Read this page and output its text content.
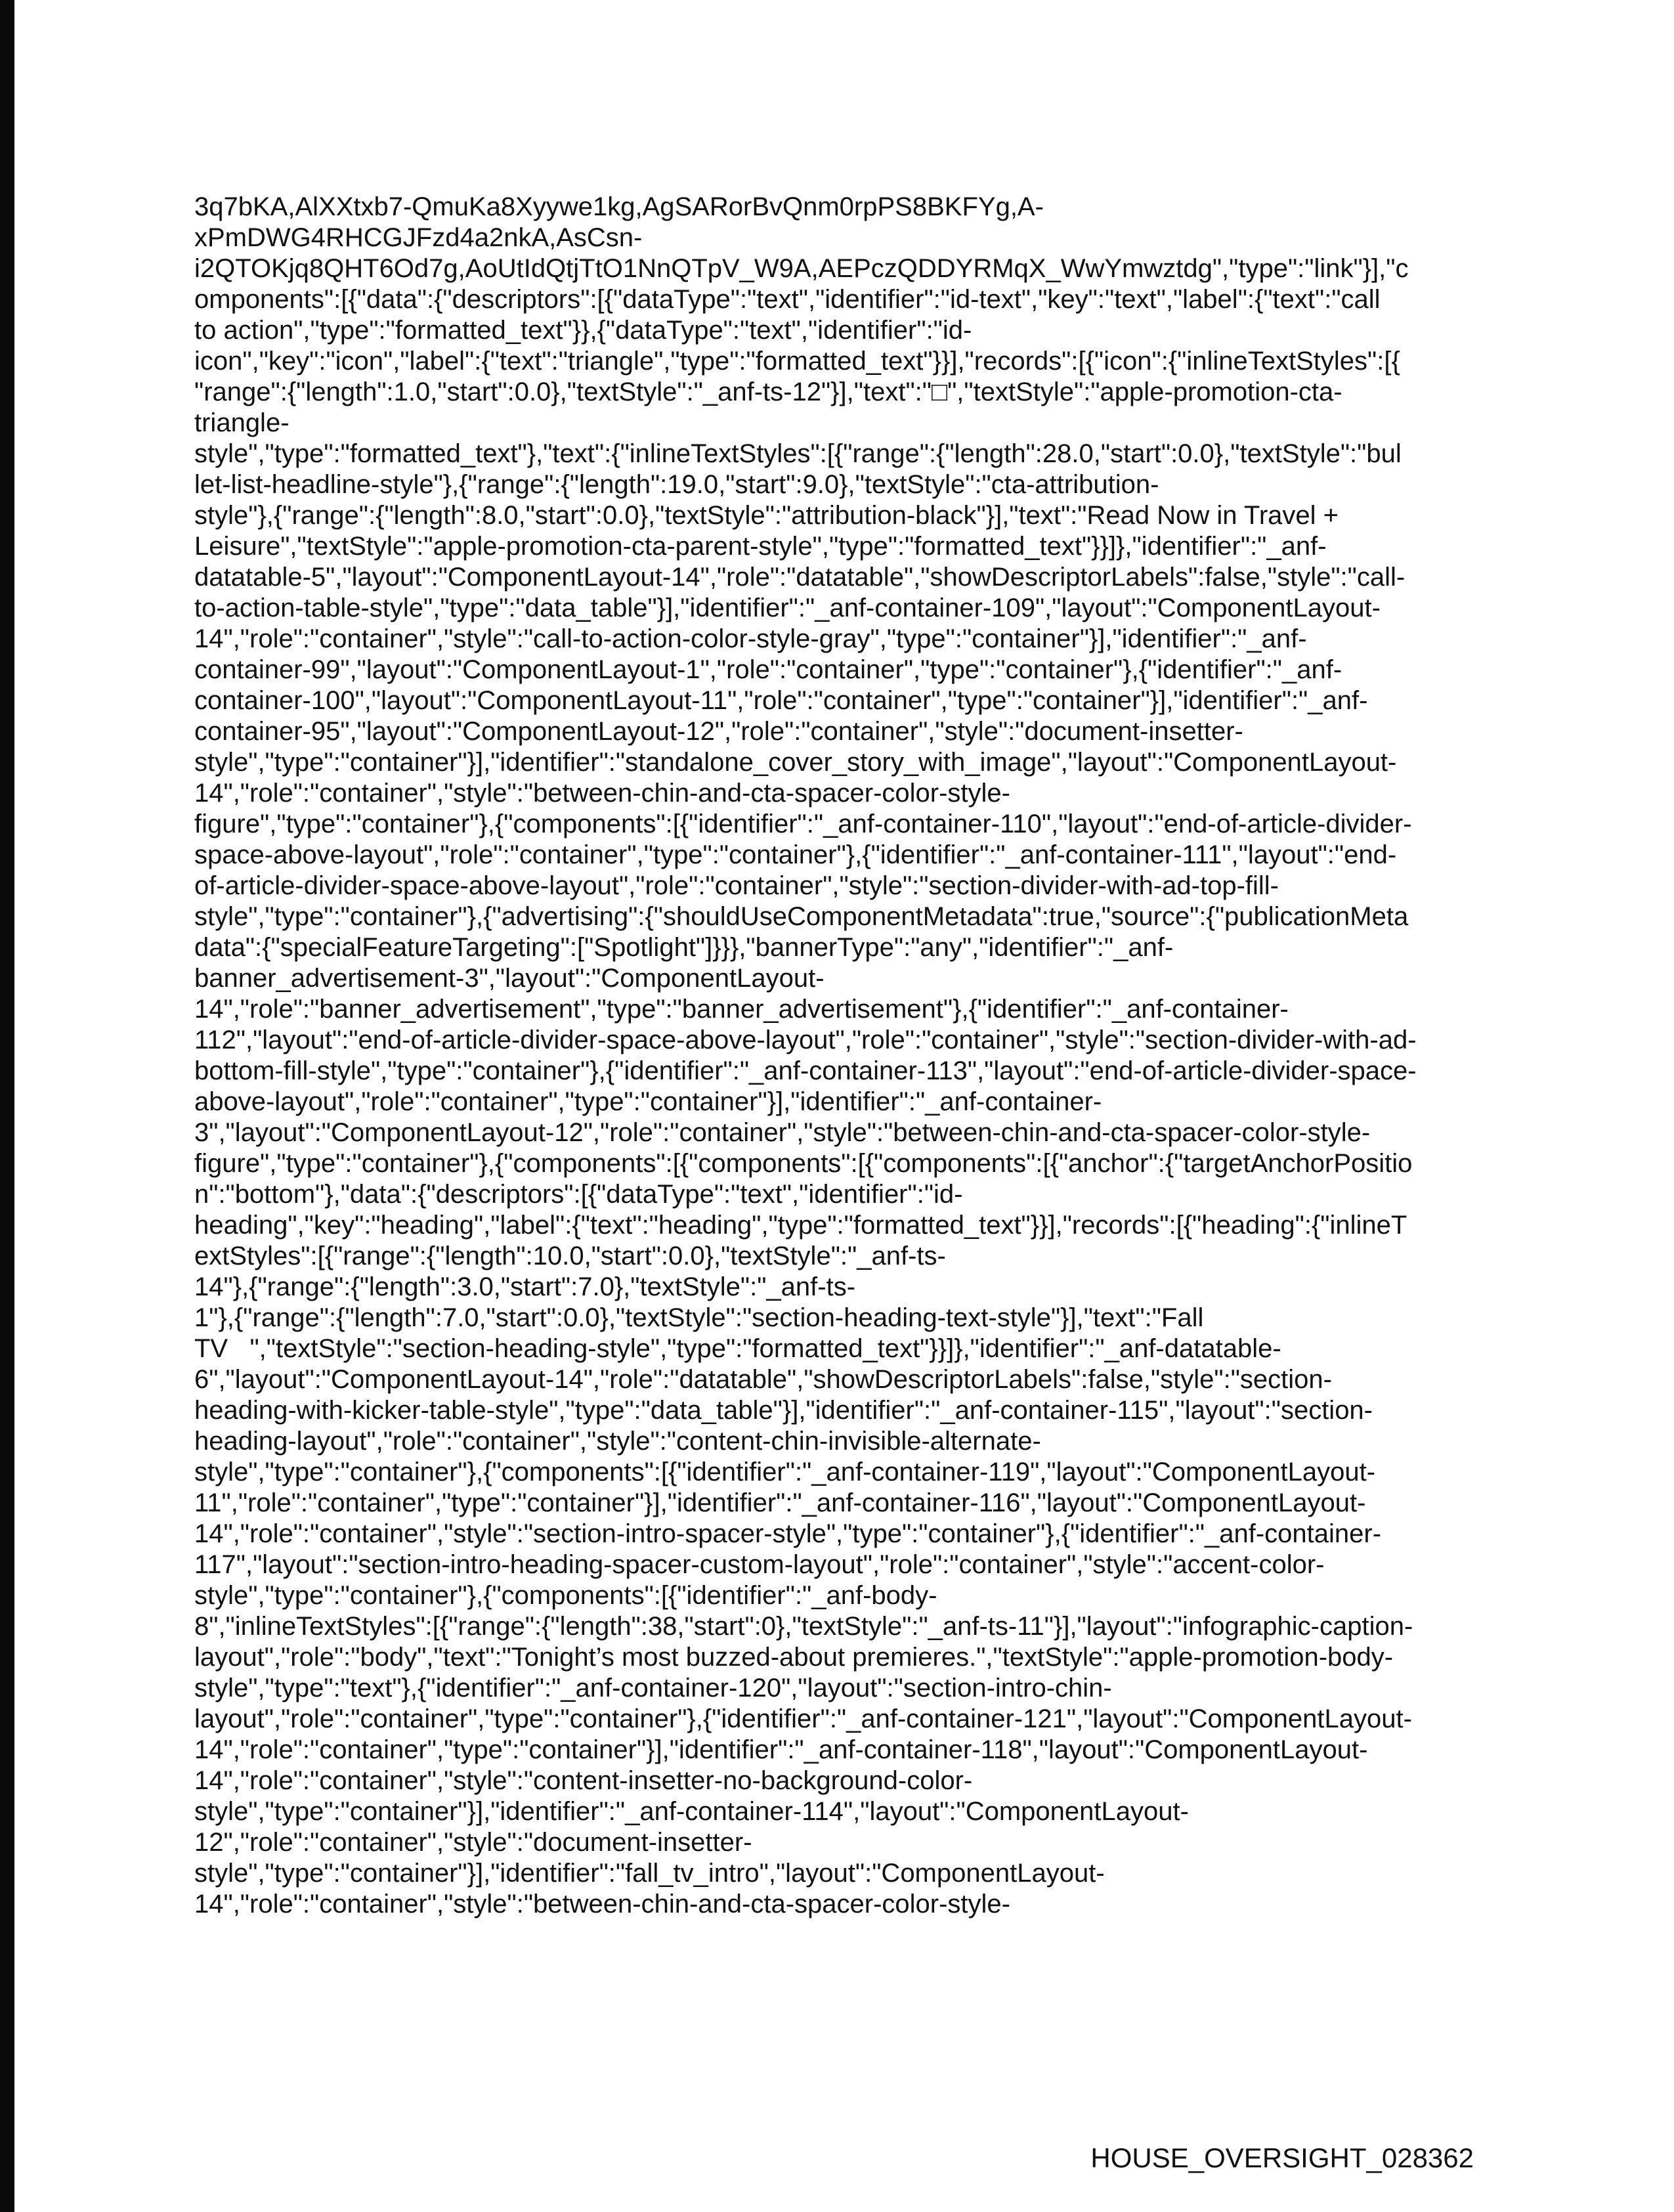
3q7bKA,AlXXtxb7-QmuKa8Xyywe1kg,AgSARorBvQnm0rpPS8BKFYg,A-
xPmDWG4RHCGJFzd4a2nkA,AsCsn-
i2QTOKjq8QHT6Od7g,AoUtIdQtjTtO1NnQTpV_W9A,AEPczQDDYRMqX_WwYmwztdg","type":"link"}],"c
omponents":[{"data":{"descriptors":[{"dataType":"text","identifier":"id-text","key":"text","label":{"text":"call
to action","type":"formatted_text"}},{"dataType":"text","identifier":"id-
icon","key":"icon","label":{"text":"triangle","type":"formatted_text"}}],"records":[{"icon":{"inlineTextStyles":[{
"range":{"length":1.0,"start":0.0},"textStyle":"_anf-ts-12"}],"text":"□","textStyle":"apple-promotion-cta-
triangle-
style","type":"formatted_text"},"text":{"inlineTextStyles":[{"range":{"length":28.0,"start":0.0},"textStyle":"bul
let-list-headline-style"},{"range":{"length":19.0,"start":9.0},"textStyle":"cta-attribution-
style"},{"range":{"length":8.0,"start":0.0},"textStyle":"attribution-black"}],"text":"Read Now in Travel +
Leisure","textStyle":"apple-promotion-cta-parent-style","type":"formatted_text"}}]},"identifier":"_anf-
datatable-5","layout":"ComponentLayout-14","role":"datatable","showDescriptorLabels":false,"style":"call-
to-action-table-style","type":"data_table"}],"identifier":"_anf-container-109","layout":"ComponentLayout-
14","role":"container","style":"call-to-action-color-style-gray","type":"container"}],"identifier":"_anf-
container-99","layout":"ComponentLayout-1","role":"container","type":"container"},{"identifier":"_anf-
container-100","layout":"ComponentLayout-11","role":"container","type":"container"}],"identifier":"_anf-
container-95","layout":"ComponentLayout-12","role":"container","style":"document-insetter-
style","type":"container"}],"identifier":"standalone_cover_story_with_image","layout":"ComponentLayout-
14","role":"container","style":"between-chin-and-cta-spacer-color-style-
figure","type":"container"},{"components":[{"identifier":"_anf-container-110","layout":"end-of-article-divider-
space-above-layout","role":"container","type":"container"},{"identifier":"_anf-container-111","layout":"end-
of-article-divider-space-above-layout","role":"container","style":"section-divider-with-ad-top-fill-
style","type":"container"},{"advertising":{"shouldUseComponentMetadata":true,"source":{"publicationMeta
data":{"specialFeatureTargeting":["Spotlight"]}}},"bannerType":"any","identifier":"_anf-
banner_advertisement-3","layout":"ComponentLayout-
14","role":"banner_advertisement","type":"banner_advertisement"},{"identifier":"_anf-container-
112","layout":"end-of-article-divider-space-above-layout","role":"container","style":"section-divider-with-ad-
bottom-fill-style","type":"container"},{"identifier":"_anf-container-113","layout":"end-of-article-divider-space-
above-layout","role":"container","type":"container"}],"identifier":"_anf-container-
3","layout":"ComponentLayout-12","role":"container","style":"between-chin-and-cta-spacer-color-style-
figure","type":"container"},{"components":[{"components":[{"components":[{"anchor":{"targetAnchorPositio
n":"bottom"},"data":{"descriptors":[{"dataType":"text","identifier":"id-
heading","key":"heading","label":{"text":"heading","type":"formatted_text"}}],"records":[{"heading":{"inlineT
extStyles":[{"range":{"length":10.0,"start":0.0},"textStyle":"_anf-ts-
14"},{"range":{"length":3.0,"start":7.0},"textStyle":"_anf-ts-
1"},{"range":{"length":7.0,"start":0.0},"textStyle":"section-heading-text-style"}],"text":"Fall
TV   ","textStyle":"section-heading-style","type":"formatted_text"}}]},"identifier":"_anf-datatable-
6","layout":"ComponentLayout-14","role":"datatable","showDescriptorLabels":false,"style":"section-
heading-with-kicker-table-style","type":"data_table"}],"identifier":"_anf-container-115","layout":"section-
heading-layout","role":"container","style":"content-chin-invisible-alternate-
style","type":"container"},{"components":[{"identifier":"_anf-container-119","layout":"ComponentLayout-
11","role":"container","type":"container"}],"identifier":"_anf-container-116","layout":"ComponentLayout-
14","role":"container","style":"section-intro-spacer-style","type":"container"},{"identifier":"_anf-container-
117","layout":"section-intro-heading-spacer-custom-layout","role":"container","style":"accent-color-
style","type":"container"},{"components":[{"identifier":"_anf-body-
8","inlineTextStyles":[{"range":{"length":38,"start":0},"textStyle":"_anf-ts-11"}],"layout":"infographic-caption-
layout","role":"body","text":"Tonight’s most buzzed-about premieres.","textStyle":"apple-promotion-body-
style","type":"text"},{"identifier":"_anf-container-120","layout":"section-intro-chin-
layout","role":"container","type":"container"},{"identifier":"_anf-container-121","layout":"ComponentLayout-
14","role":"container","type":"container"}],"identifier":"_anf-container-118","layout":"ComponentLayout-
14","role":"container","style":"content-insetter-no-background-color-
style","type":"container"}],"identifier":"_anf-container-114","layout":"ComponentLayout-
12","role":"container","style":"document-insetter-
style","type":"container"}],"identifier":"fall_tv_intro","layout":"ComponentLayout-
14","role":"container","style":"between-chin-and-cta-spacer-color-style-
HOUSE_OVERSIGHT_028362
